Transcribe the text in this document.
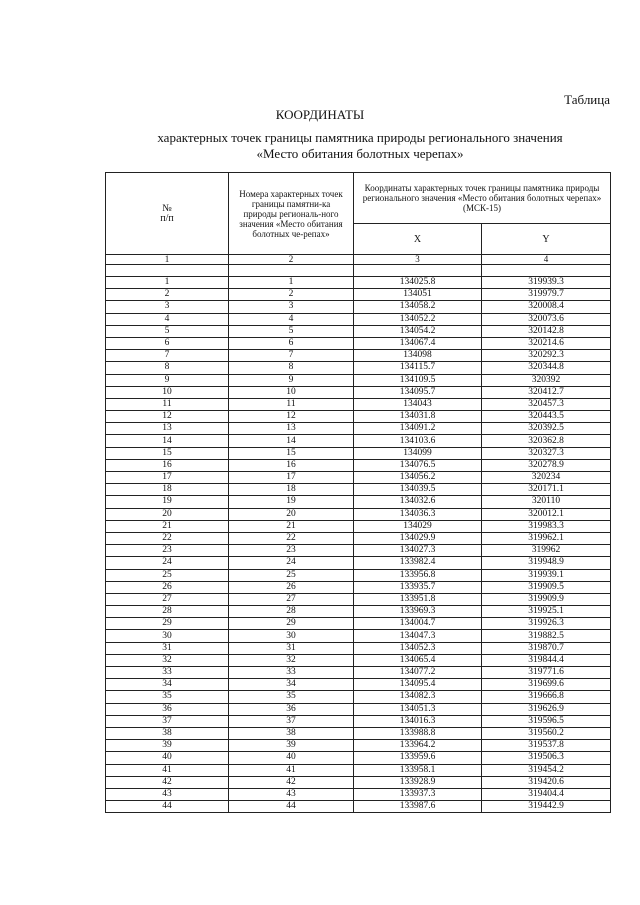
Таблица
КООРДИНАТЫ
характерных точек границы памятника природы регионального значения
«Место обитания болотных черепах»
№
п/п	Номера характерных точек границы памятни-ка природы региональ-ного значения «Место обитания болотных че-репах»	Координаты характерных точек границы памятника природы регионального значения «Место обитания болотных черепах» (МСК-15)	
		X	Y
1	2	3	4

1	1	134025.8	319939.3
2	2	134051	319979.7
3	3	134058.2	320008.4
4	4	134052.2	320073.6
5	5	134054.2	320142.8
6	6	134067.4	320214.6
7	7	134098	320292.3
8	8	134115.7	320344.8
9	9	134109.5	320392
10	10	134095.7	320412.7
11	11	134043	320457.3
12	12	134031.8	320443.5
13	13	134091.2	320392.5
14	14	134103.6	320362.8
15	15	134099	320327.3
16	16	134076.5	320278.9
17	17	134056.2	320234
18	18	134039.5	320171.1
19	19	134032.6	320110
20	20	134036.3	320012.1
21	21	134029	319983.3
22	22	134029.9	319962.1
23	23	134027.3	319962
24	24	133982.4	319948.9
25	25	133956.8	319939.1
26	26	133935.7	319909.5
27	27	133951.8	319909.9
28	28	133969.3	319925.1
29	29	134004.7	319926.3
30	30	134047.3	319882.5
31	31	134052.3	319870.7
32	32	134065.4	319844.4
33	33	134077.2	319771.6
34	34	134095.4	319699.6
35	35	134082.3	319666.8
36	36	134051.3	319626.9
37	37	134016.3	319596.5
38	38	133988.8	319560.2
39	39	133964.2	319537.8
40	40	133959.6	319506.3
41	41	133958.1	319454.2
42	42	133928.9	319420.6
43	43	133937.3	319404.4
44	44	133987.6	319442.9
